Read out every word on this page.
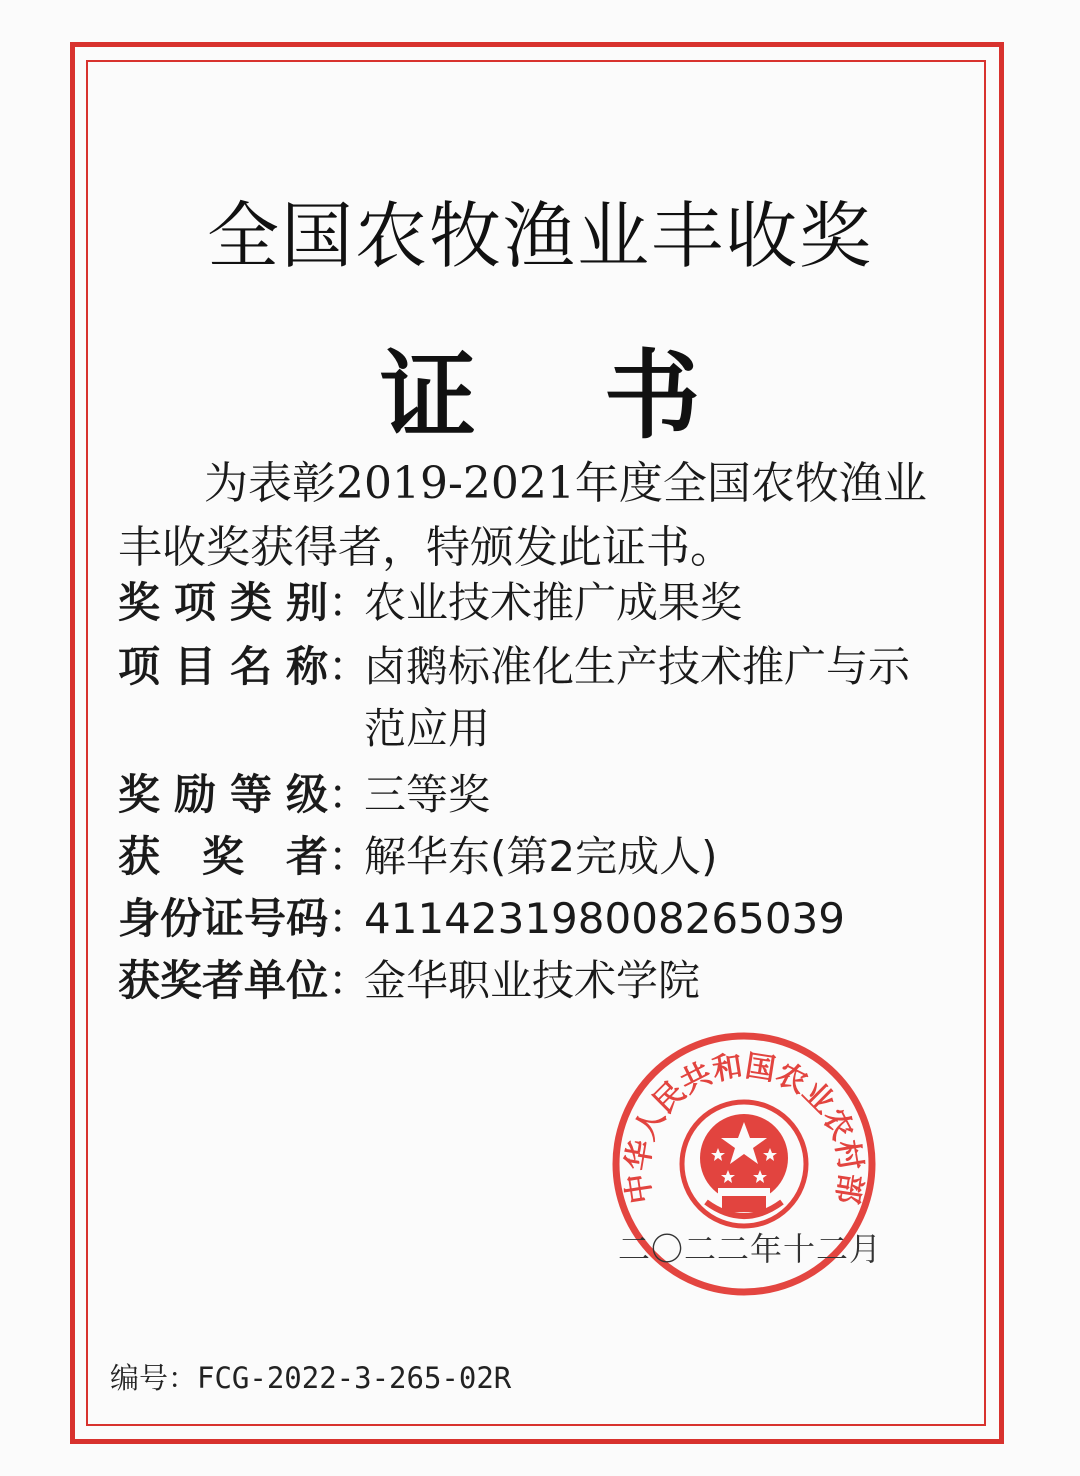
全国农牧渔业丰收奖
证 书
为表彰2019-2021年度全国农牧渔业
丰收奖获得者，特颁发此证书。
奖 项 类 别 ：
农业技术推广成果奖
项 目 名 称 ：
卤鹅标准化生产技术推广与示
范应用
奖 励 等 级 ：
三等奖
获 奖 者 ：
解华东(第2完成人)
身 份 证 号 码 ：
411423198008265039
获 奖 者 单 位 ：
金华职业技术学院
中华人民共和国农业农村部
二〇二二年十二月
编号：FCG-2022-3-265-02R
